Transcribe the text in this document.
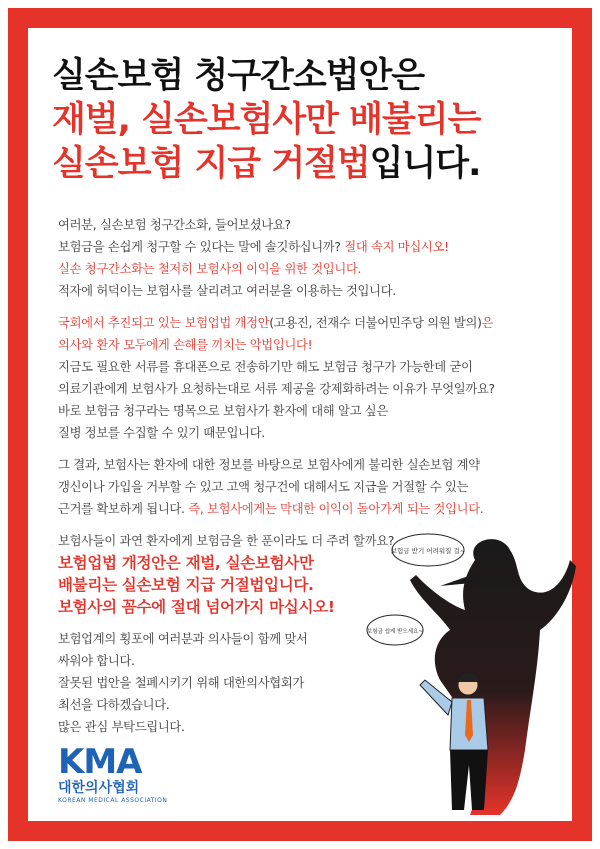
실손보험 청구간소법안은
재벌, 실손보험사만 배불리는
실손보험 지급 거절법입니다.
여러분, 실손보험 청구간소화, 들어보셨나요?
보험금을 손쉽게 청구할 수 있다는 말에 솔깃하십니까? 절대 속지 마십시오!
실손 청구간소화는 철저히 보험사의 이익을 위한 것입니다.
적자에 허덕이는 보험사를 살리려고 여러분을 이용하는 것입니다.
국회에서 추진되고 있는 보험업법 개정안(고용진, 전재수 더불어민주당 의원 발의)은
의사와 환자 모두에게 손해를 끼치는 악법입니다!
지금도 필요한 서류를 휴대폰으로 전송하기만 해도 보험금 청구가 가능한데 굳이
의료기관에게 보험사가 요청하는대로 서류 제공을 강제화하려는 이유가 무엇일까요?
바로 보험금 청구라는 명목으로 보험사가 환자에 대해 알고 싶은
질병 정보를 수집할 수 있기 때문입니다.
그 결과, 보험사는 환자에 대한 정보를 바탕으로 보험사에게 불리한 실손보험 계약
갱신이나 가입을 거부할 수 있고 고액 청구건에 대해서도 지급을 거절할 수 있는
근거를 확보하게 됩니다. 즉, 보험사에게는 막대한 이익이 돌아가게 되는 것입니다.
보험사들이 과연 환자에게 보험금을 한 푼이라도 더 주려 할까요?
보험업법 개정안은 재벌, 실손보험사만
배불리는 실손보험 지급 거절법입니다.
보험사의 꼼수에 절대 넘어가지 마십시오!
보험업계의 횡포에 여러분과 의사들이 함께 맞서
싸워야 합니다.
잘못된 법안을 철폐시키기 위해 대한의사협회가
최선을 다하겠습니다.
많은 관심 부탁드립니다.
KMA
대한의사협회
KOREAN MEDICAL ASSOCIATION
보험금 받기 어려워질 걸~
보험금 쉽게 받으세요~
